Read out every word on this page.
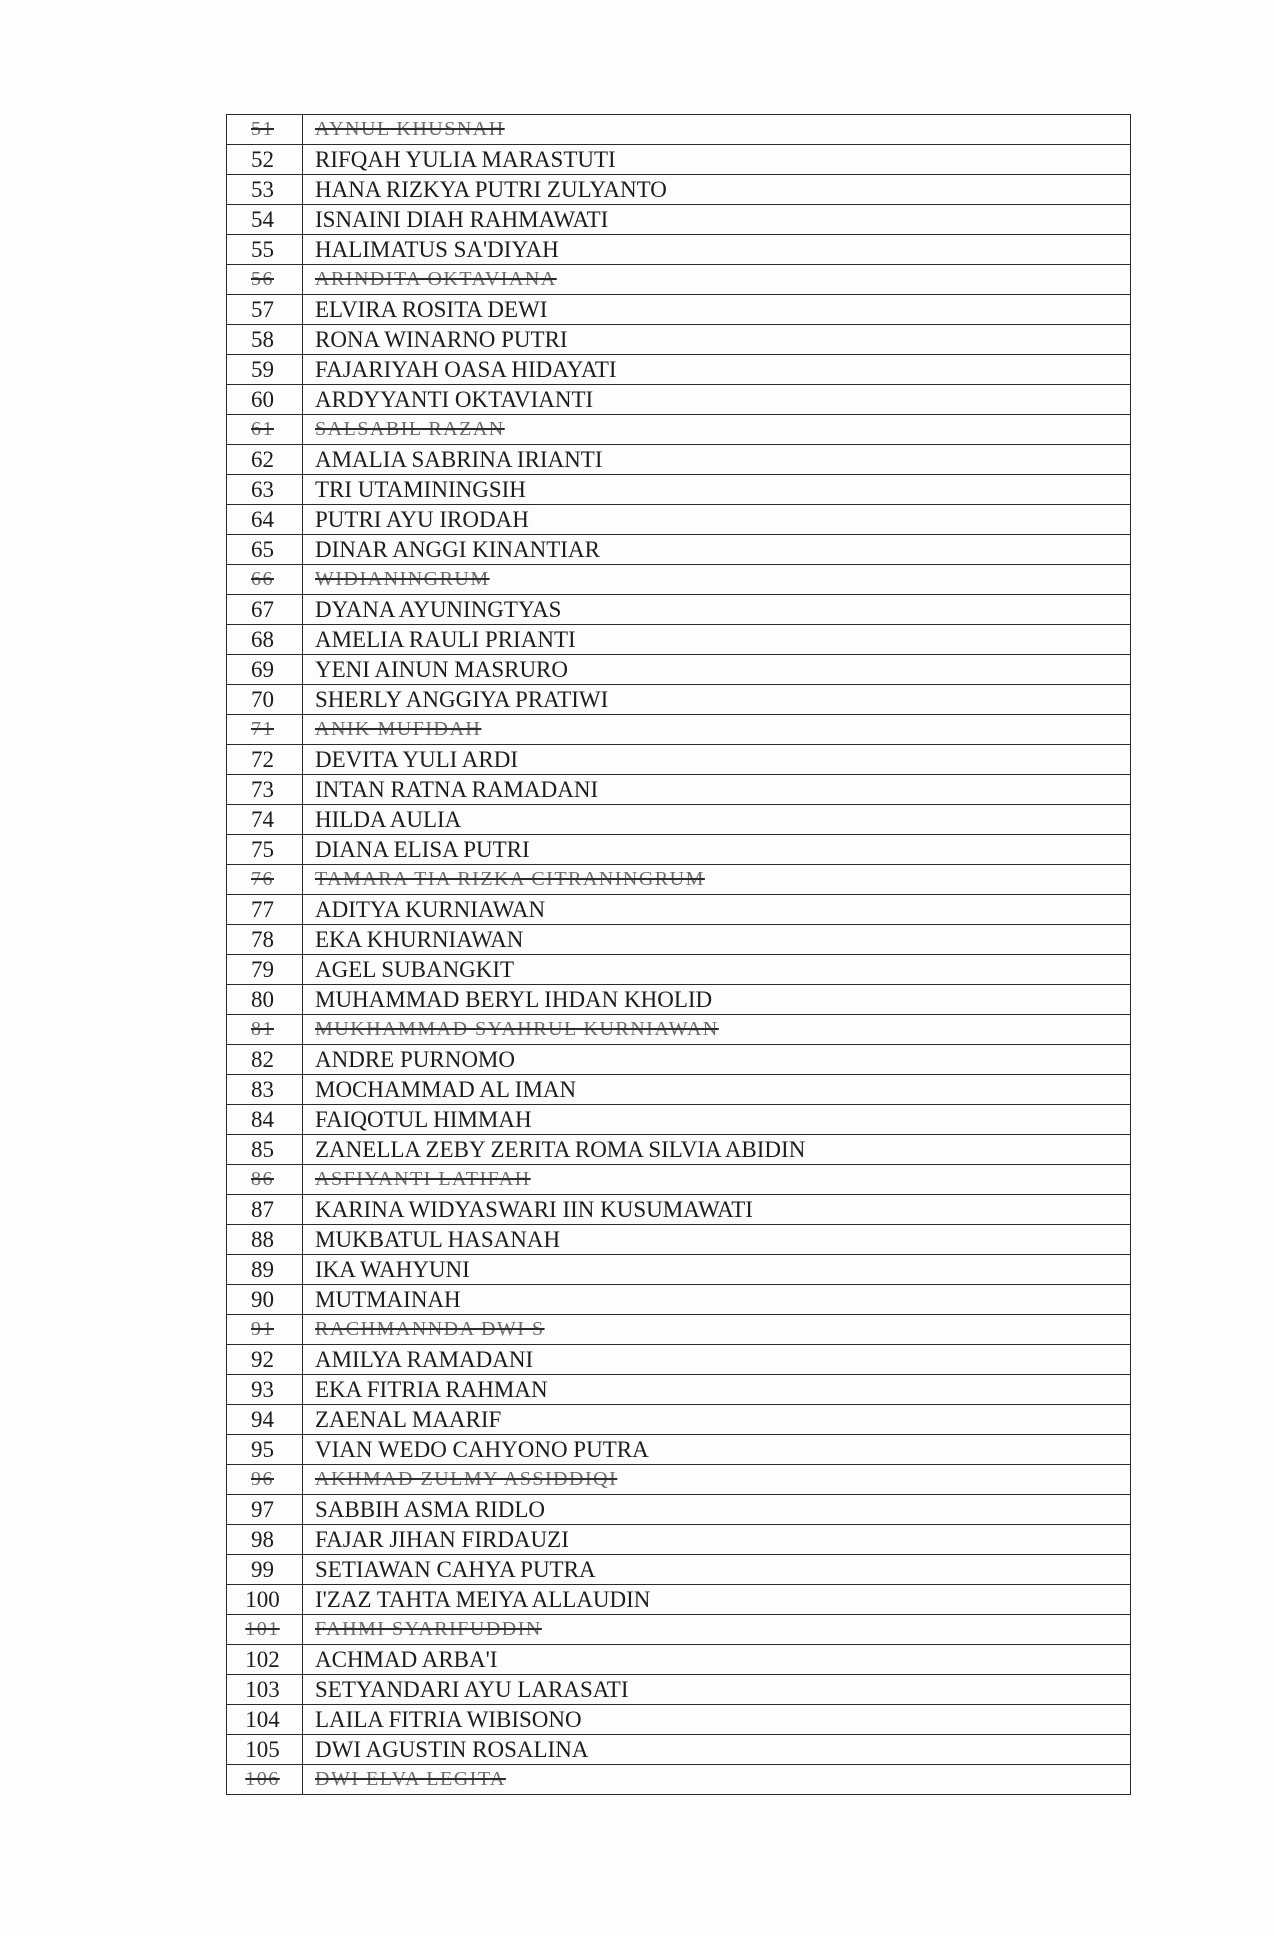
51	AYNUL KHUSNAH
52	RIFQAH YULIA MARASTUTI
53	HANA RIZKYA PUTRI ZULYANTO
54	ISNAINI DIAH RAHMAWATI
55	HALIMATUS SA'DIYAH
56	ARINDITA OKTAVIANA
57	ELVIRA ROSITA DEWI
58	RONA WINARNO PUTRI
59	FAJARIYAH OASA HIDAYATI
60	ARDYYANTI OKTAVIANTI
61	SALSABIL RAZAN
62	AMALIA SABRINA IRIANTI
63	TRI UTAMININGSIH
64	PUTRI AYU IRODAH
65	DINAR ANGGI KINANTIAR
66	WIDIANINGRUM
67	DYANA AYUNINGTYAS
68	AMELIA RAULI PRIANTI
69	YENI AINUN MASRURO
70	SHERLY ANGGIYA PRATIWI
71	ANIK MUFIDAH
72	DEVITA YULI ARDI
73	INTAN RATNA RAMADANI
74	HILDA AULIA
75	DIANA ELISA PUTRI
76	TAMARA TIA RIZKA CITRANINGRUM
77	ADITYA KURNIAWAN
78	EKA KHURNIAWAN
79	AGEL SUBANGKIT
80	MUHAMMAD BERYL IHDAN KHOLID
81	MUKHAMMAD SYAHRUL KURNIAWAN
82	ANDRE PURNOMO
83	MOCHAMMAD AL IMAN
84	FAIQOTUL HIMMAH
85	ZANELLA ZEBY ZERITA ROMA SILVIA ABIDIN
86	ASFIYANTI LATIFAH
87	KARINA WIDYASWARI IIN KUSUMAWATI
88	MUKBATUL HASANAH
89	IKA WAHYUNI
90	MUTMAINAH
91	RACHMANNDA DWI S
92	AMILYA RAMADANI
93	EKA FITRIA RAHMAN
94	ZAENAL MAARIF
95	VIAN WEDO CAHYONO PUTRA
96	AKHMAD ZULMY ASSIDDIQI
97	SABBIH ASMA RIDLO
98	FAJAR JIHAN FIRDAUZI
99	SETIAWAN CAHYA PUTRA
100	I'ZAZ TAHTA MEIYA ALLAUDIN
101	FAHMI SYARIFUDDIN
102	ACHMAD ARBA'I
103	SETYANDARI AYU LARASATI
104	LAILA FITRIA WIBISONO
105	DWI AGUSTIN ROSALINA
106	DWI ELVA LEGITA
